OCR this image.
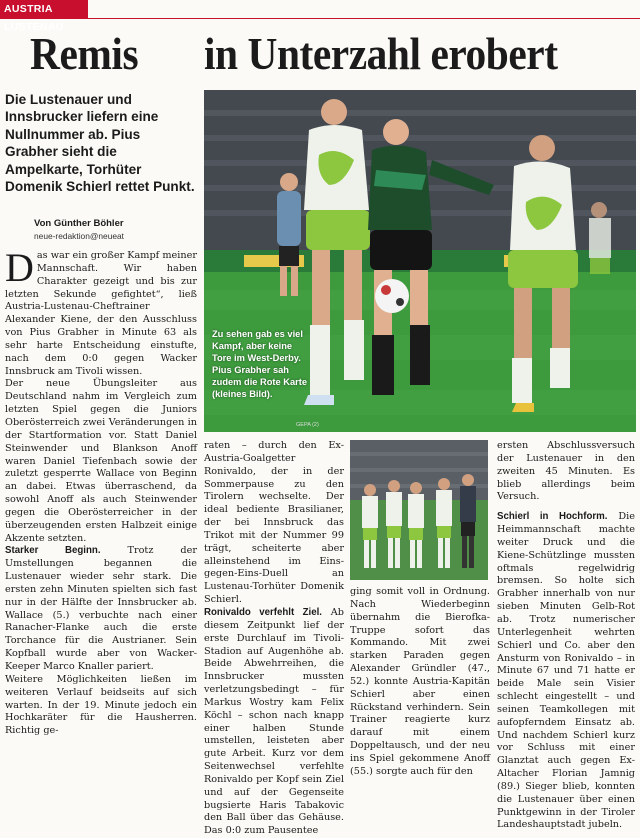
AUSTRIA LUSTENAU
Remis in Unterzahl erobert
Die Lustenauer und Innsbrucker liefern eine Nullnummer ab. Pius Grabher sieht die Ampelkarte, Torhüter Domenik Schierl rettet Punkt.
Von Günther Böhler
neue-redaktion@neueat

Das war ein großer Kampf meiner Mannschaft. Wir haben Charakter gezeigt und bis zur letzten Sekunde gefightet“, ließ Austria-Lustenau-Cheftrainer Alexander Kiene, der den Ausschluss von Pius Grabher in Minute 63 als sehr harte Entscheidung einstufte, nach dem 0:0 gegen Wacker Innsbruck am Tivoli wissen.

Der neue Übungsleiter aus Deutschland nahm im Vergleich zum letzten Spiel gegen die Juniors Oberösterreich zwei Veränderungen in der Startformation vor. Statt Daniel Steinwender und Blankson Anoff waren Daniel Tiefenbach sowie der zuletzt gesperrte Wallace von Beginn an dabei. Etwas überraschend, da sowohl Anoff als auch Steinwender gegen die Oberösterreicher in der überzeugenden ersten Halbzeit einige Akzente setzten.

Starker Beginn. Trotz der Umstellungen begannen die Lustenauer wieder sehr stark. Die ersten zehn Minuten spielten sich fast nur in der Hälfte der Innsbrucker ab. Wallace (5.) verbuchte nach einer Ranacher-Flanke auch die erste Torchance für die Austrianer. Sein Kopfball wurde aber von Wacker-Keeper Marco Knaller pariert.

Weitere Möglichkeiten ließen im weiteren Verlauf beidseits auf sich warten. In der 19. Minute jedoch ein Hochkaräter für die Hausherren. Richtig ge-

Zu sehen gab es viel Kampf, aber keine Tore im West-Derby. Pius Grabher sah zudem die Rote Karte (kleines Bild).
GEPA (2)

raten – durch den Ex-Austria-Goalgetter Ronivaldo, der in der Sommerpause zu den Tirolern wechselte. Der ideal bediente Brasilianer, der bei Innsbruck das Trikot mit der Nummer 99 trägt, scheiterte aber alleinstehend im Eins-gegen-Eins-Duell an Lustenau-Torhüter Domenik Schierl.

Ronivaldo verfehlt Ziel. Ab diesem Zeitpunkt lief der erste Durchlauf im Tivoli-Stadion auf Augenhöhe ab. Beide Abwehrreihen, die Innsbrucker mussten verletzungsbedingt – für Markus Wostry kam Felix Köchl – schon nach knapp einer halben Stunde umstellen, leisteten aber gute Arbeit. Kurz vor dem Seitenwechsel verfehlte Ronivaldo per Kopf sein Ziel und auf der Gegenseite bugsierte Haris Tabakovic den Ball über das Gehäuse. Das 0:0 zum Pausentee

ging somit voll in Ordnung. Nach Wiederbeginn übernahm die Bierofka-Truppe sofort das Kommando. Mit zwei starken Paraden gegen Alexander Gründler (47., 52.) konnte Austria-Kapitän Schierl aber einen Rückstand verhindern. Sein Trainer reagierte kurz darauf mit einem Doppeltausch, und der neu ins Spiel gekommene Anoff (55.) sorgte auch für den

ersten Abschlussversuch der Lustenauer in den zweiten 45 Minuten. Es blieb allerdings beim Versuch.

Schierl in Hochform. Die Heimmannschaft machte weiter Druck und die Kiene-Schützlinge mussten oftmals regelwidrig bremsen. So holte sich Grabher innerhalb von nur sieben Minuten Gelb-Rot ab. Trotz numerischer Unterlegenheit wehrten Schierl und Co. aber den Ansturm von Ronivaldo – in Minute 67 und 71 hatte er beide Male sein Visier schlecht eingestellt – und seinen Teamkollegen mit aufopferndem Einsatz ab. Und nachdem Schierl kurz vor Schluss mit einer Glanztat auch gegen Ex-Altacher Florian Jamnig (89.) Sieger blieb, konnten die Lustenauer über einen Punktgewinn in der Tiroler Landeshauptstadt jubeln.
